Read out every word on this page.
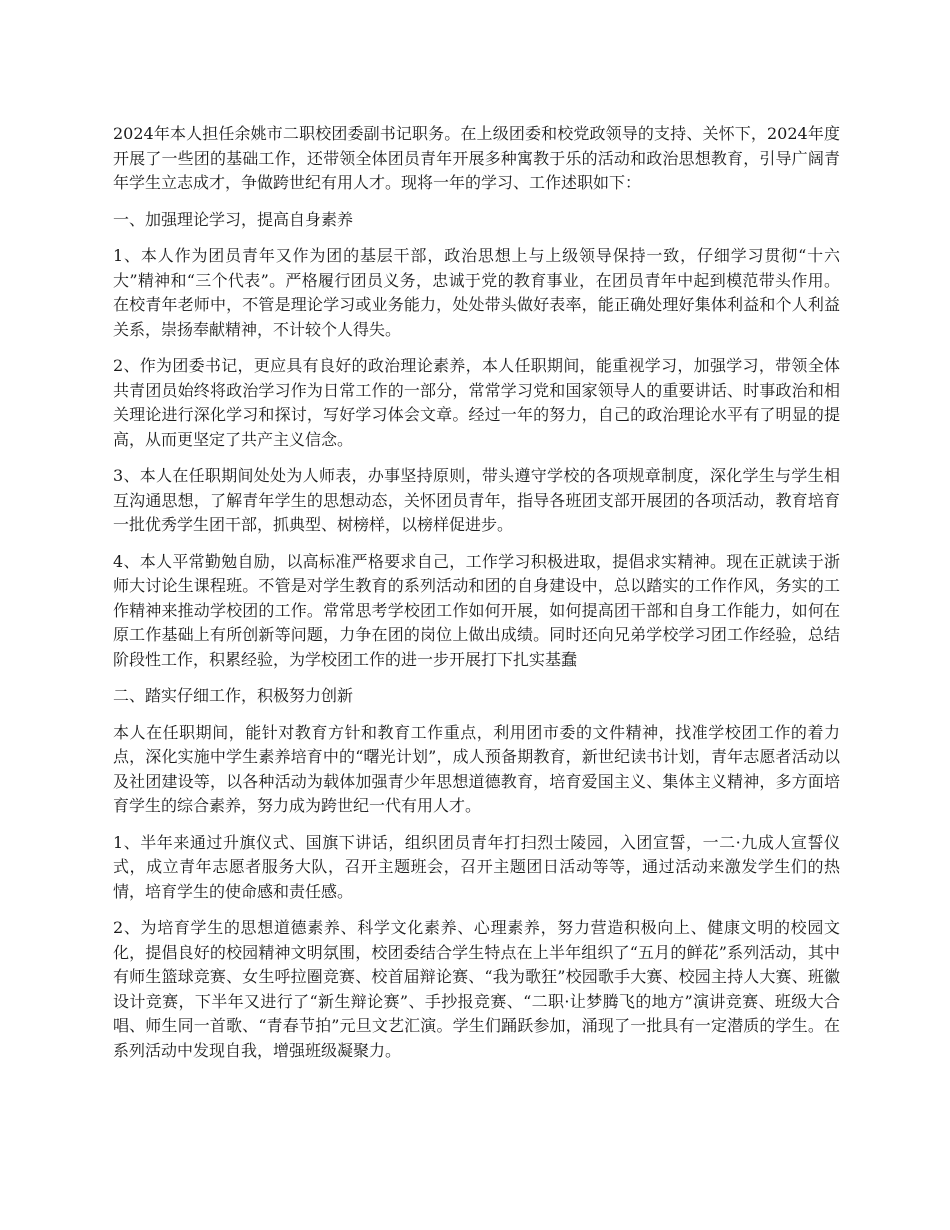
2024年本人担任余姚市二职校团委副书记职务。在上级团委和校党政领导的支持、关怀下，2024年度开展了一些团的基础工作，还带领全体团员青年开展多种寓教于乐的活动和政治思想教育，引导广阔青年学生立志成才，争做跨世纪有用人才。现将一年的学习、工作述职如下：

一、加强理论学习，提高自身素养

1、本人作为团员青年又作为团的基层干部，政治思想上与上级领导保持一致，仔细学习贯彻“十六大”精神和“三个代表”。严格履行团员义务，忠诚于党的教育事业，在团员青年中起到模范带头作用。在校青年老师中，不管是理论学习或业务能力，处处带头做好表率，能正确处理好集体利益和个人利益关系，崇扬奉献精神，不计较个人得失。

2、作为团委书记，更应具有良好的政治理论素养，本人任职期间，能重视学习，加强学习，带领全体共青团员始终将政治学习作为日常工作的一部分，常常学习党和国家领导人的重要讲话、时事政治和相关理论进行深化学习和探讨，写好学习体会文章。经过一年的努力，自己的政治理论水平有了明显的提高，从而更坚定了共产主义信念。

3、本人在任职期间处处为人师表，办事坚持原则，带头遵守学校的各项规章制度，深化学生与学生相互沟通思想，了解青年学生的思想动态，关怀团员青年，指导各班团支部开展团的各项活动，教育培育一批优秀学生团干部，抓典型、树榜样，以榜样促进步。

4、本人平常勤勉自励，以高标准严格要求自己，工作学习积极进取，提倡求实精神。现在正就读于浙师大讨论生课程班。不管是对学生教育的系列活动和团的自身建设中，总以踏实的工作作风，务实的工作精神来推动学校团的工作。常常思考学校团工作如何开展，如何提高团干部和自身工作能力，如何在原工作基础上有所创新等问题，力争在团的岗位上做出成绩。同时还向兄弟学校学习团工作经验，总结阶段性工作，积累经验，为学校团工作的进一步开展打下扎实基蠢

二、踏实仔细工作，积极努力创新

本人在任职期间，能针对教育方针和教育工作重点，利用团市委的文件精神，找准学校团工作的着力点，深化实施中学生素养培育中的“曙光计划”，成人预备期教育，新世纪读书计划，青年志愿者活动以及社团建设等，以各种活动为载体加强青少年思想道德教育，培育爱国主义、集体主义精神，多方面培育学生的综合素养，努力成为跨世纪一代有用人才。

1、半年来通过升旗仪式、国旗下讲话，组织团员青年打扫烈士陵园，入团宣誓，一二·九成人宣誓仪式，成立青年志愿者服务大队，召开主题班会，召开主题团日活动等等，通过活动来激发学生们的热情，培育学生的使命感和责任感。

2、为培育学生的思想道德素养、科学文化素养、心理素养，努力营造积极向上、健康文明的校园文化，提倡良好的校园精神文明氛围，校团委结合学生特点在上半年组织了“五月的鲜花”系列活动，其中有师生篮球竞赛、女生呼拉圈竞赛、校首届辩论赛、“我为歌狂”校园歌手大赛、校园主持人大赛、班徽设计竞赛，下半年又进行了“新生辩论赛”、手抄报竞赛、“二职·让梦腾飞的地方”演讲竞赛、班级大合唱、师生同一首歌、“青春节拍”元旦文艺汇演。学生们踊跃参加，涌现了一批具有一定潜质的学生。在系列活动中发现自我，增强班级凝聚力。
